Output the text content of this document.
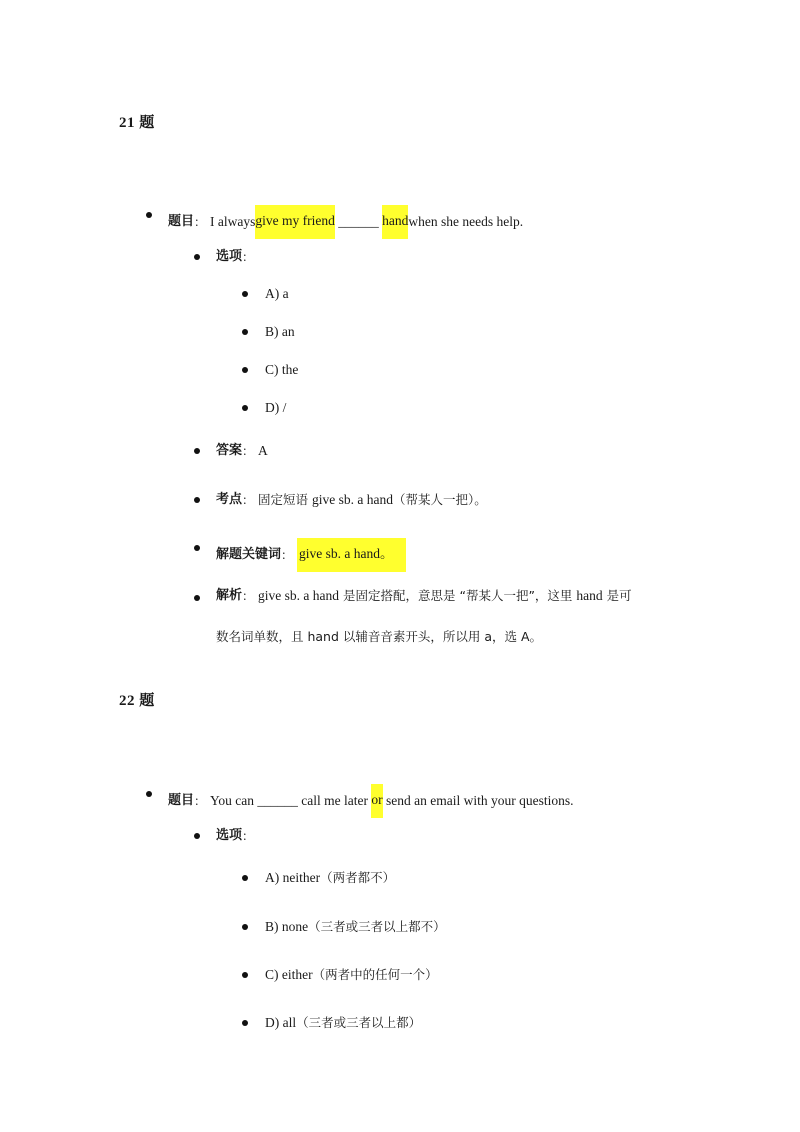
21 题
题目 ： I always give my friend ______ hand when she needs help.
选项 ：
A) a
B) an
C) the
D) /
答案 ： A
考点 ： 固定短语 give sb. a hand （帮某人一把）。
解题关键词 ： give sb. a hand。
解析 ： give sb. a hand 是固定搭配，意思是 “帮某人一把”，这里 hand 是可
数名词单数，且 hand 以辅音音素开头，所以用 a，选 A。
22 题
题目 ： You can ______ call me later or send an email with your questions.
选项 ：
A) neither （两者都不）
B) none （三者或三者以上都不）
C) either （两者中的任何一个）
D) all （三者或三者以上都）
